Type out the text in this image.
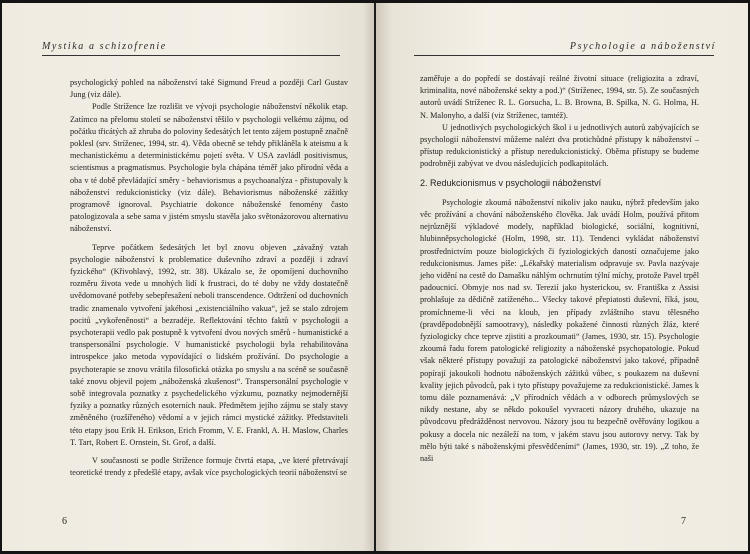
Mystika a schizofrenie

psychologický pohled na náboženství také Sigmund Freud a později Carl Gustav Jung (viz dále).

Podle Strížence lze rozlišit ve vývoji psychologie náboženství několik etap. Zatímco na přelomu století se náboženství těšilo v psychologii velkému zájmu, od počátku třicátých až zhruba do poloviny šedesátých let tento zájem postupně značně poklesl (srv. Stríženec, 1994, str. 4). Věda obecně se tehdy přiklánělа k ateismu a k mechanistickému a deterministickému pojetí světa. V USA zavládl positivismus, scientismus a pragmatismus. Psychologie byla chápána téměř jako přírodní věda a oba v té době převládající směry - behaviorismus a psychoanalýza - přistupovaly k náboženství redukcionisticky (viz dále). Behaviorismus náboženské zážitky programově ignoroval. Psychiatrie dokonce náboženské fenomény často patologizovala a sebe sama v jistém smyslu stavěla jako světonázorovou alternativu náboženství.

Teprve počátkem šedesátých let byl znovu objeven „závažný vztah psychologie náboženství k problematice duševního zdraví a později i zdraví fyzického“ (Křivohlavý, 1992, str. 38). Ukázalo se, že opomíjení duchovního rozměru života vede u mnohých lidí k frustraci, do té doby ne vždy dostatečně uvědomované potřeby sebepřesažení neboli transcendence. Odtržení od duchovních tradic znamenalo vytvoření jakéhosi „existenciálního vakua“, jež se stalo zdrojem pocitů „vykořeněnosti“ a bezradéje. Reflektování těchto faktů v psychologii a psychoterapii vedlo pak postupně k vytvoření dvou nových směrů - humanistické a transpersonální psychologie. V humanistické psychologii byla rehabilitována introspekce jako metoda vypovídající o lidském prožívání. Do psychologie a psychoterapie se znovu vrátila filosofická otázka po smyslu a na scéně se současně také znovu objevil pojem „náboženská zkušenost“. Transpersonální psychologie v sobě integrovala poznatky z psychedelického výzkumu, poznatky nejmodernější fyziky a poznatky různých esoterních nauk. Předmětem jejího zájmu se staly stavy změněného (rozšířeného) vědomí a v jejich rámci mystické zážitky. Představiteli této etapy jsou Erik H. Erikson, Erich Fromm, V. E. Frankl, A. H. Maslow, Charles T. Tart, Robert E. Ornstein, St. Grof, a další.

V současnosti se podle Strížence formuje čtvrtá etapa, „ve které přetrvávají teoretické trendy z předešlé etapy, avšak více psychologických teorií náboženství se

6
Psychologie a náboženství

zaměřuje a do popředí se dostávají reálné životní situace (religiozita a zdraví, kriminalita, nové náboženské sekty a pod.)“ (Stríženec, 1994, str. 5). Ze současných autorů uvádí Stríženec R. L. Gorsucha, L. B. Browna, B. Spilka, N. G. Holma, H. N. Malonyho, a další (viz Stríženec, tamtéž).

U jednotlivých psychologických škol i u jednotlivých autorů zabývajících se psychologií náboženství můžeme nalézt dva protichůdné přístupy k náboženství – přístup redukcionistický a přístup neredukcionistický. Oběma přístupy se budeme podrobněji zabývat ve dvou následujících podkapitolách.

2. Redukcionismus v psychologii náboženství

Psychologie zkoumá náboženství nikoliv jako nauku, nýbrž především jako věc prožívání a chování náboženského člověka. Jak uvádí Holm, používá přitom nejrůznější výkladové modely, například biologické, sociální, kognitivní, hlubinněpsychologické (Holm, 1998, str. 11). Tendenci vykládat náboženství prostřednictvím pouze biologických či fyziologických daností označujeme jako redukcionismus. James píše: „Lékařský materialism odpravuje sv. Pavla nazývaje jeho vidění na cestě do Damašku náhlým ochrnutím týlní míchy, protože Pavel trpěl padoucnicí. Obmyje nos nad sv. Terezií jako hysterickou, sv. Františka z Assisi prohlašuje za dědičně zatíženého... Všecky takové přepiatosti duševní, říká, jsou, promíchneme-li věci na kloub, jen případy zvláštního stavu tělesného (pravděpodobnější samootravy), následky pokažené činnosti různých žláz, které fyziologicky chce teprve zjistiti a prozkoumati“ (James, 1930, str. 15). Psychologie zkoumá řadu forem patologické religiozity a náboženské psychopatologie. Pokud však některé přístupy považují za patologické náboženství jako takové, případně popírají jakoukoli hodnotu náboženských zážitků vůbec, s poukazem na duševní kvality jejich původců, pak i tyto přístupy považujeme za redukcionistické. James k tomu dále poznamenává: „V přírodních vědách a v odborech průmyslových se nikdy nestane, aby se někdo pokoušel vyvraceti názory druhého, ukazuje na původcovu předrážděnost nervovou. Názory jsou tu bezpečně ověřovány logikou a pokusy a docela nic nezáleží na tom, v jakém stavu jsou autorovy nervy. Tak by mělo býti také s náboženskými přesvědčeními“ (James, 1930, str. 19). „Z toho, že naši

7
